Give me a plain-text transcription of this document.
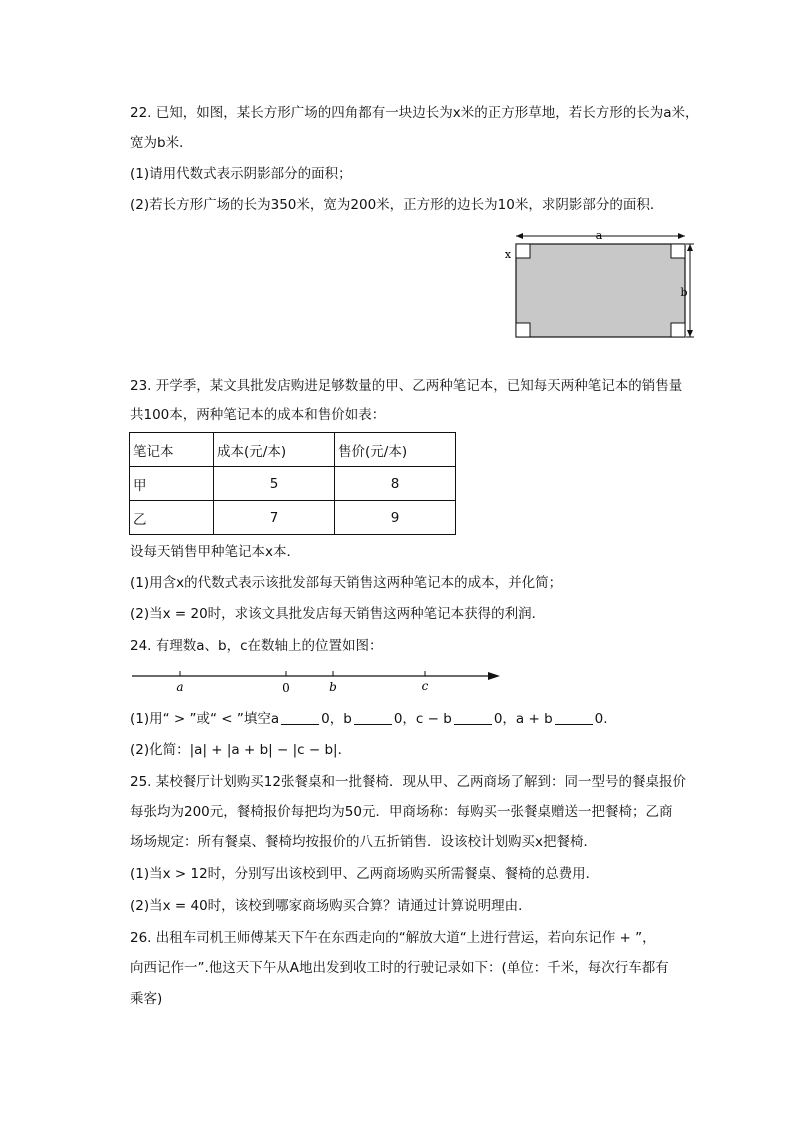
22. 已知，如图，某长方形广场的四角都有一块边长为x米的正方形草地，若长方形的长为a米，
宽为b米．
(1)请用代数式表示阴影部分的面积；
(2)若长方形广场的长为350米，宽为200米，正方形的边长为10米，求阴影部分的面积．
a
x
b
23. 开学季，某文具批发店购进足够数量的甲、乙两种笔记本，已知每天两种笔记本的销售量
共100本，两种笔记本的成本和售价如表：
笔记本	成本(元/本)	售价(元/本)
甲	5	8
乙	7	9
设每天销售甲种笔记本x本．
(1)用含x的代数式表示该批发部每天销售这两种笔记本的成本，并化简；
(2)当x = 20时，求该文具批发店每天销售这两种笔记本获得的利润．
24. 有理数a、b，c在数轴上的位置如图：
a	0	b	c
(1)用“ > ”或“ < ”填空a	0，b	0，c − b	0，a + b	0.
(2)化简：|a| + |a + b| − |c − b|．
25. 某校餐厅计划购买12张餐桌和一批餐椅．现从甲、乙两商场了解到：同一型号的餐桌报价
每张均为200元，餐椅报价每把均为50元．甲商场称：每购买一张餐桌赠送一把餐椅；乙商
场场规定：所有餐桌、餐椅均按报价的八五折销售．设该校计划购买x把餐椅．
(1)当x > 12时，分别写出该校到甲、乙两商场购买所需餐桌、餐椅的总费用．
(2)当x = 40时，该校到哪家商场购买合算？请通过计算说明理由．
26. 出租车司机王师傅某天下午在东西走向的“解放大道“上进行营运，若向东记作 + ”，
向西记作一”.他这天下午从A地出发到收工时的行驶记录如下：(单位：千米，每次行车都有
乘客)
